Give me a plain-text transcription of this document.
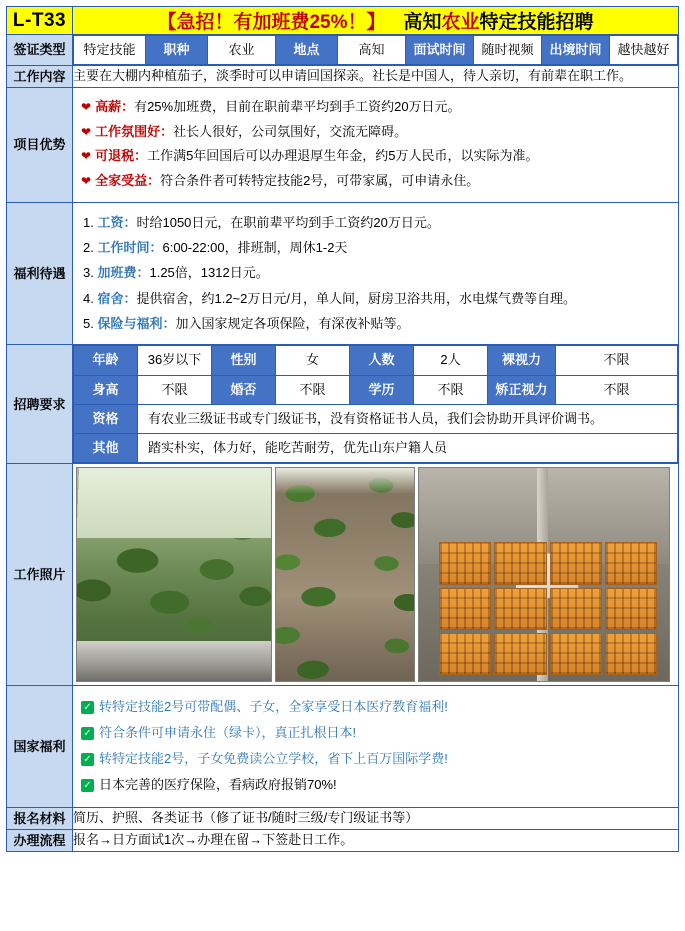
L-T33	【急招！有加班费25%！】 高知农业特定技能招聘
签证类型	特定技能	职种	农业	地点	高知	面试时间	随时视频	出境时间	越快越好

工作内容	主要在大棚内种植茄子，淡季时可以申请回国探亲。社长是中国人，待人亲切，有前辈在职工作。
项目优势	
❤ 高薪：有25%加班费，目前在职前辈平均到手工资约20万日元。
❤ 工作氛围好：社长人很好，公司氛围好，交流无障碍。
❤ 可退税：工作满5年回国后可以办理退厚生年金，约5万人民币，以实际为准。
❤ 全家受益：符合条件者可转特定技能2号，可带家属，可申请永住。

福利待遇	
1. 工资：时给1050日元，在职前辈平均到手工资约20万日元。
2. 工作时间：6:00-22:00，排班制，周休1-2天
3. 加班费：1.25倍，1312日元。
4. 宿舍：提供宿舍，约1.2~2万日元/月，单人间，厨房卫浴共用，水电煤气费等自理。
5. 保险与福利：加入国家规定各项保险，有深夜补贴等。

招聘要求	
年龄	36岁以下	性别	女	人数	2人	裸视力	不限
身高	不限	婚否	不限	学历	不限	矫正视力	不限
资格	有农业三级证书或专门级证书，没有资格证书人员，我们会协助开具评价调书。
其他	踏实朴实，体力好，能吃苦耐劳，优先山东户籍人员

工作照片	

国家福利	
✓ 转特定技能2号可带配偶、子女，全家享受日本医疗教育福利!
✓ 符合条件可申请永住（绿卡），真正扎根日本!
✓ 转特定技能2号，子女免费读公立学校，省下上百万国际学费!
✓ 日本完善的医疗保险，看病政府报销70%!

报名材料	简历、护照、各类证书（修了证书/随时三级/专门级证书等）
办理流程	报名→日方面试1次→办理在留→下签赴日工作。
